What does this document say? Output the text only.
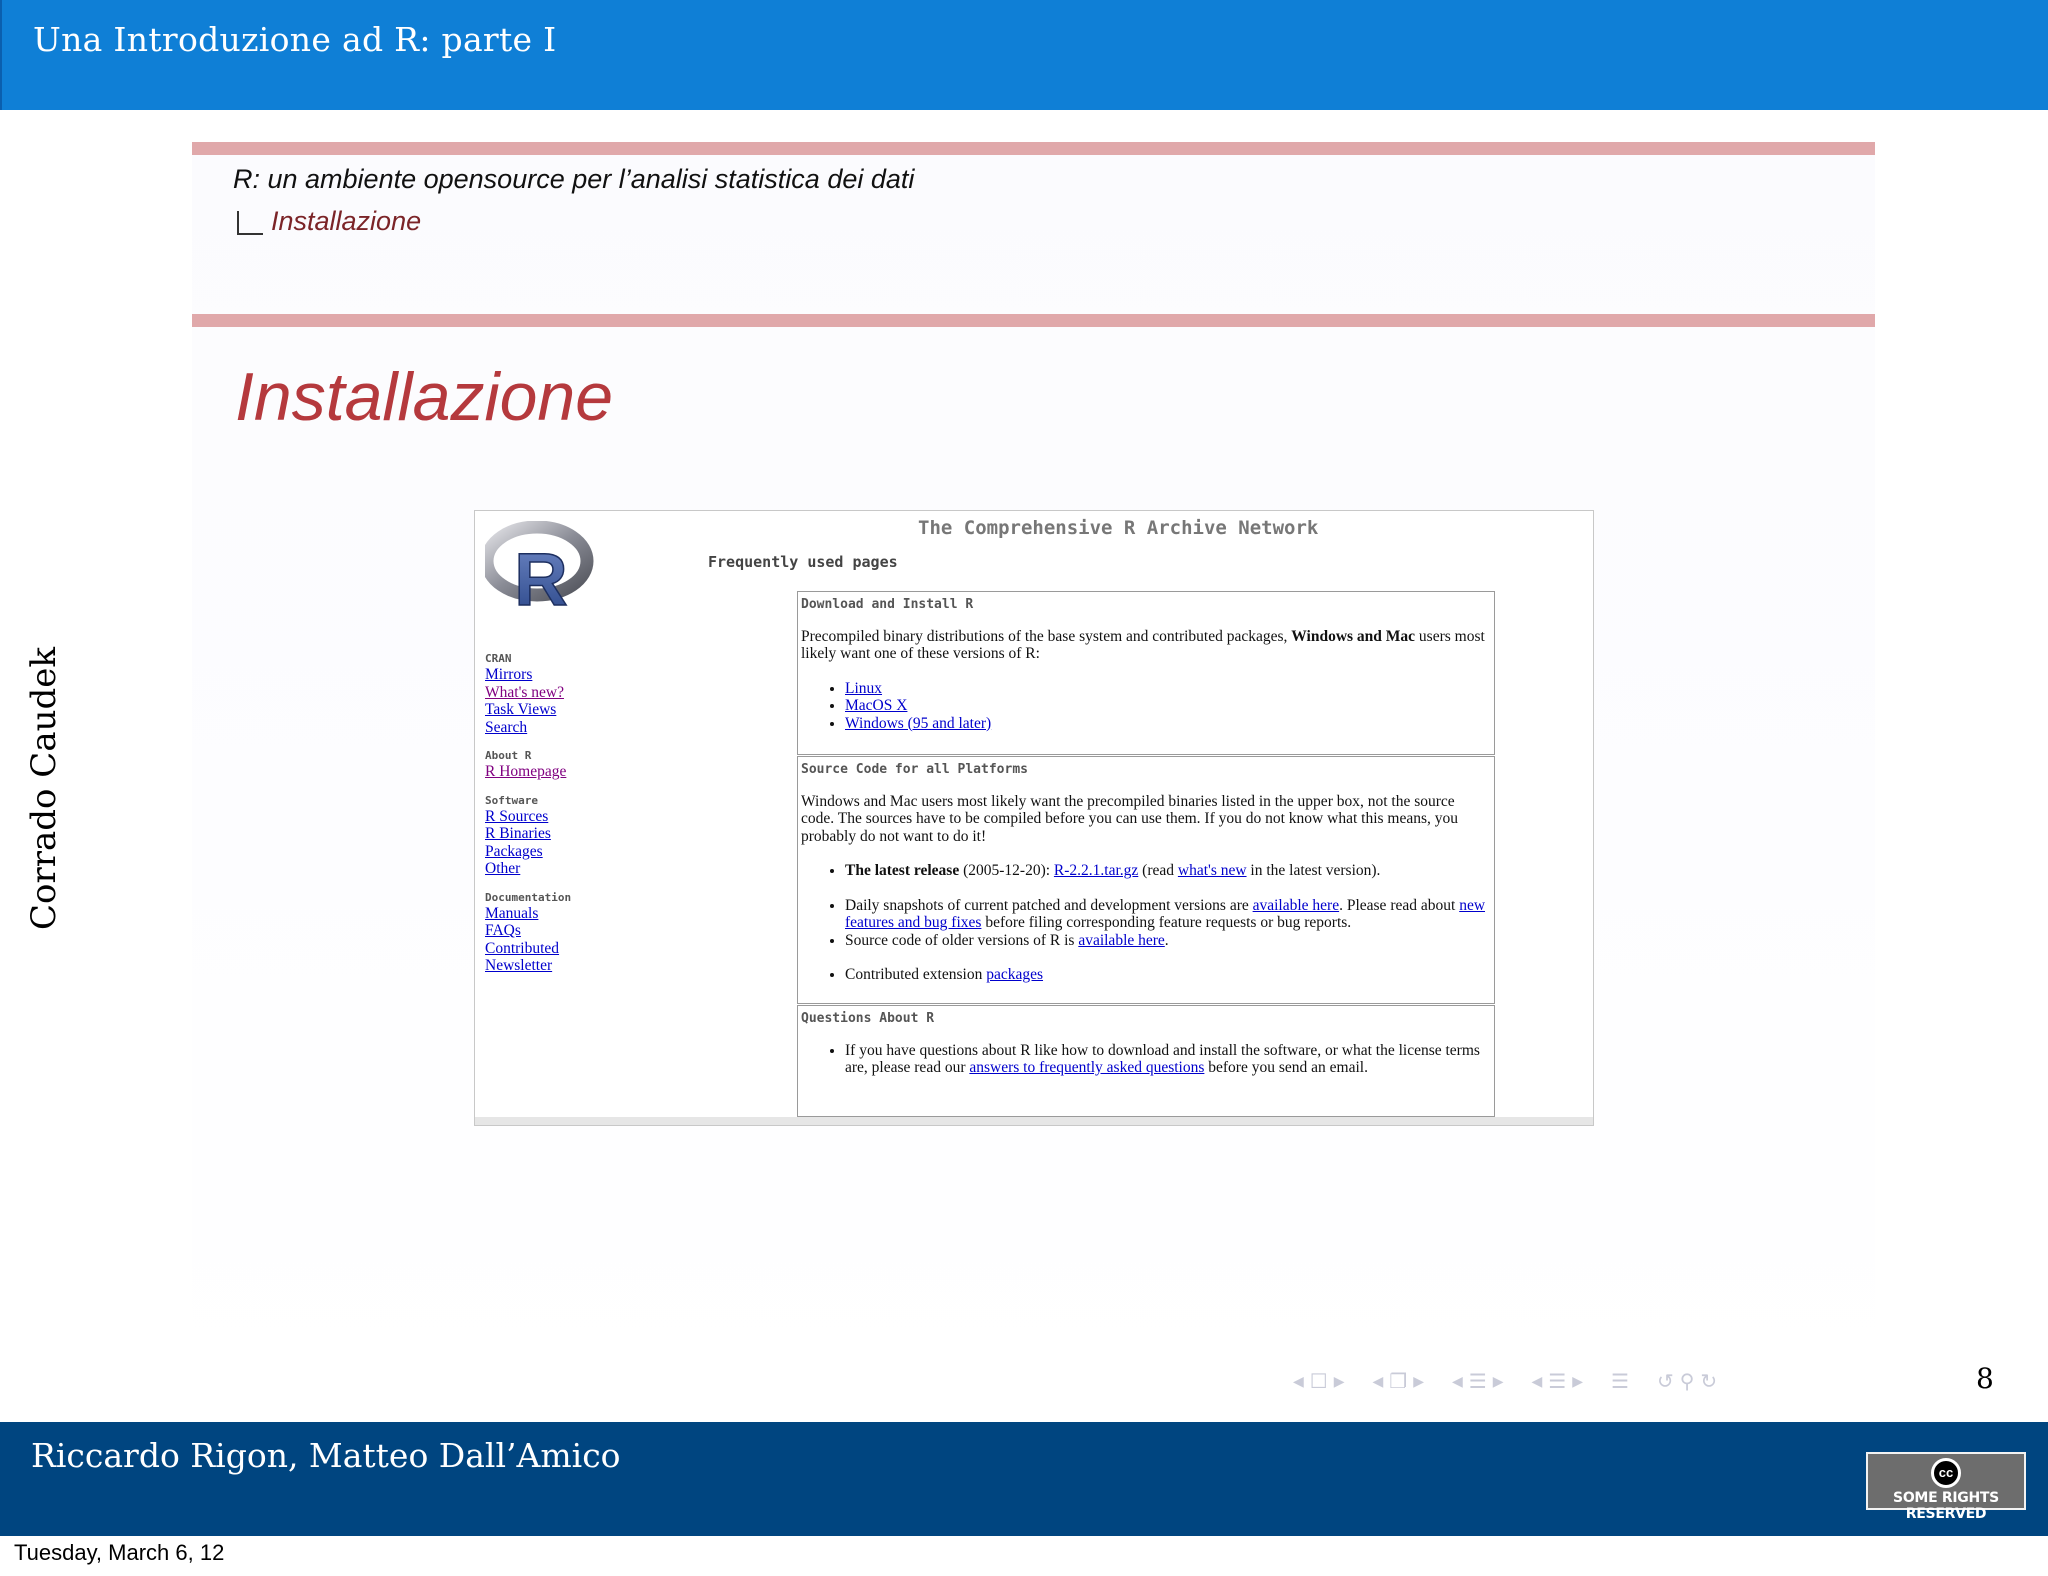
Una Introduzione ad R: parte I
Corrado Caudek
R: un ambiente opensource per l’analisi statistica dei dati
Installazione
Installazione
R
CRAN
Mirrors
What's new?
Task Views
Search
About R
R Homepage
Software
R Sources
R Binaries
Packages
Other
Documentation
Manuals
FAQs
Contributed
Newsletter
The Comprehensive R Archive Network
Frequently used pages
Download and Install R

Precompiled binary distributions of the base system and contributed packages, Windows and Mac users most likely want one of these versions of R:

• Linux
• MacOS X
• Windows (95 and later)
Source Code for all Platforms

Windows and Mac users most likely want the precompiled binaries listed in the upper box, not the source code. The sources have to be compiled before you can use them. If you do not know what this means, you probably do not want to do it!

• The latest release (2005-12-20): R-2.2.1.tar.gz (read what's new in the latest version).
• Daily snapshots of current patched and development versions are available here. Please read about new features and bug fixes before filing corresponding feature requests or bug reports.
• Source code of older versions of R is available here.
• Contributed extension packages
Questions About R
• If you have questions about R like how to download and install the software, or what the license terms are, please read our answers to frequently asked questions before you send an email.
◀ ☐ ▶ ◀ ❐ ▶ ◀ ☰ ▶ ◀ ☰ ▶ ☰ ↺ ⚲ ↻	8
Riccardo Rigon, Matteo Dall’Amico	cc
SOME RIGHTS RESERVED
Tuesday, March 6, 12
